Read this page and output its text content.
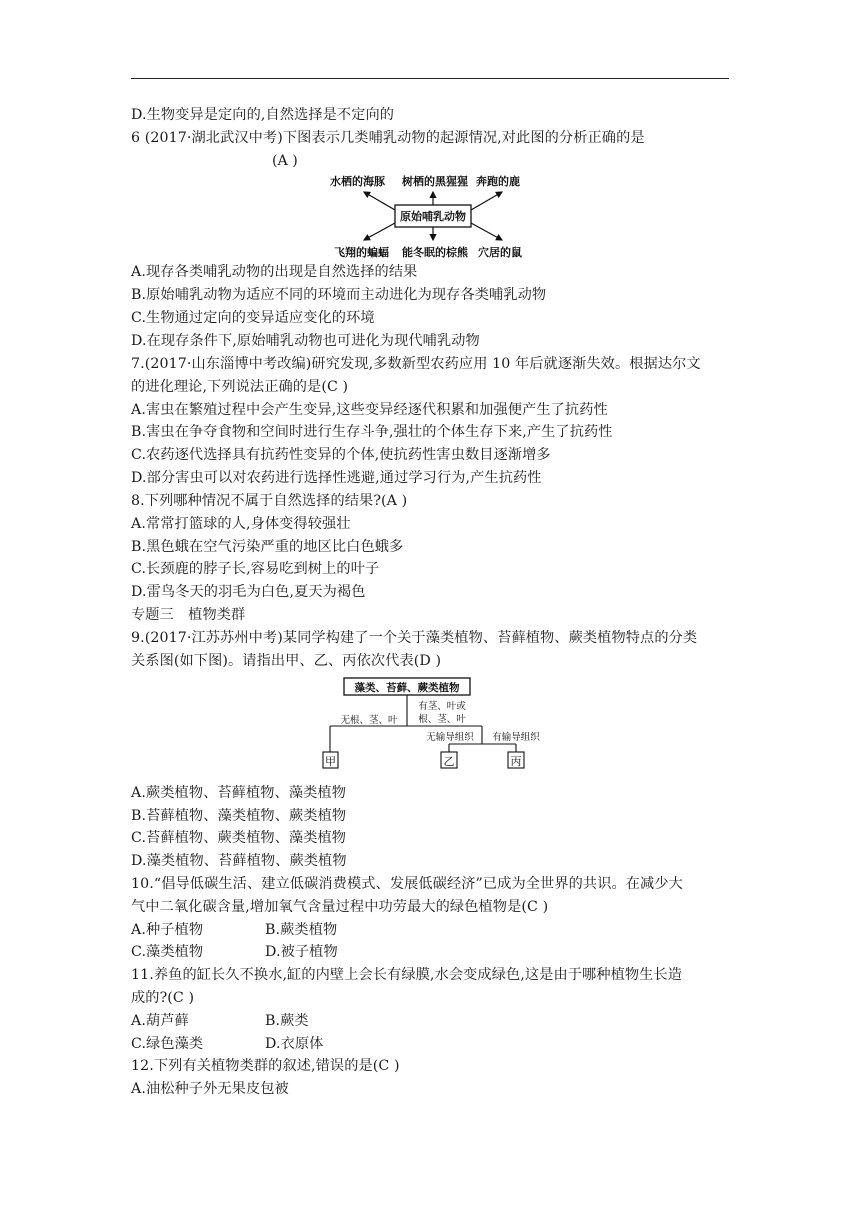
D.生物变异是定向的,自然选择是不定向的
6 (2017·湖北武汉中考)下图表示几类哺乳动物的起源情况,对此图的分析正确的是
(A )
水栖的海豚 树栖的黑猩猩 奔跑的鹿
原始哺乳动物
飞翔的蝙蝠 能冬眠的棕熊 穴居的鼠
A.现存各类哺乳动物的出现是自然选择的结果
B.原始哺乳动物为适应不同的环境而主动进化为现存各类哺乳动物
C.生物通过定向的变异适应变化的环境
D.在现存条件下,原始哺乳动物也可进化为现代哺乳动物
7.(2017·山东淄博中考改编)研究发现,多数新型农药应用 10 年后就逐渐失效。根据达尔文
的进化理论,下列说法正确的是(C )
A.害虫在繁殖过程中会产生变异,这些变异经逐代积累和加强便产生了抗药性
B.害虫在争夺食物和空间时进行生存斗争,强壮的个体生存下来,产生了抗药性
C.农药逐代选择具有抗药性变异的个体,使抗药性害虫数目逐渐增多
D.部分害虫可以对农药进行选择性逃避,通过学习行为,产生抗药性
8.下列哪种情况不属于自然选择的结果?(A )
A.常常打篮球的人,身体变得较强壮
B.黑色蛾在空气污染严重的地区比白色蛾多
C.长颈鹿的脖子长,容易吃到树上的叶子
D.雷鸟冬天的羽毛为白色,夏天为褐色
专题三　植物类群
9.(2017·江苏苏州中考)某同学构建了一个关于藻类植物、苔藓植物、蕨类植物特点的分类
关系图(如下图)。请指出甲、乙、丙依次代表(D )
藻类、苔藓、蕨类植物
无根、茎、叶
有茎、叶或
根、茎、叶
无输导组织 有输导组织
甲	乙	丙
A.蕨类植物、苔藓植物、藻类植物
B.苔藓植物、藻类植物、蕨类植物
C.苔藓植物、蕨类植物、藻类植物
D.藻类植物、苔藓植物、蕨类植物
10.“倡导低碳生活、建立低碳消费模式、发展低碳经济”已成为全世界的共识。在减少大
气中二氧化碳含量,增加氧气含量过程中功劳最大的绿色植物是(C )
A.种子植物	B.蕨类植物
C.藻类植物	D.被子植物
11.养鱼的缸长久不换水,缸的内壁上会长有绿膜,水会变成绿色,这是由于哪种植物生长造
成的?(C )
A.葫芦藓	B.蕨类
C.绿色藻类	D.衣原体
12.下列有关植物类群的叙述,错误的是(C )
A.油松种子外无果皮包被
